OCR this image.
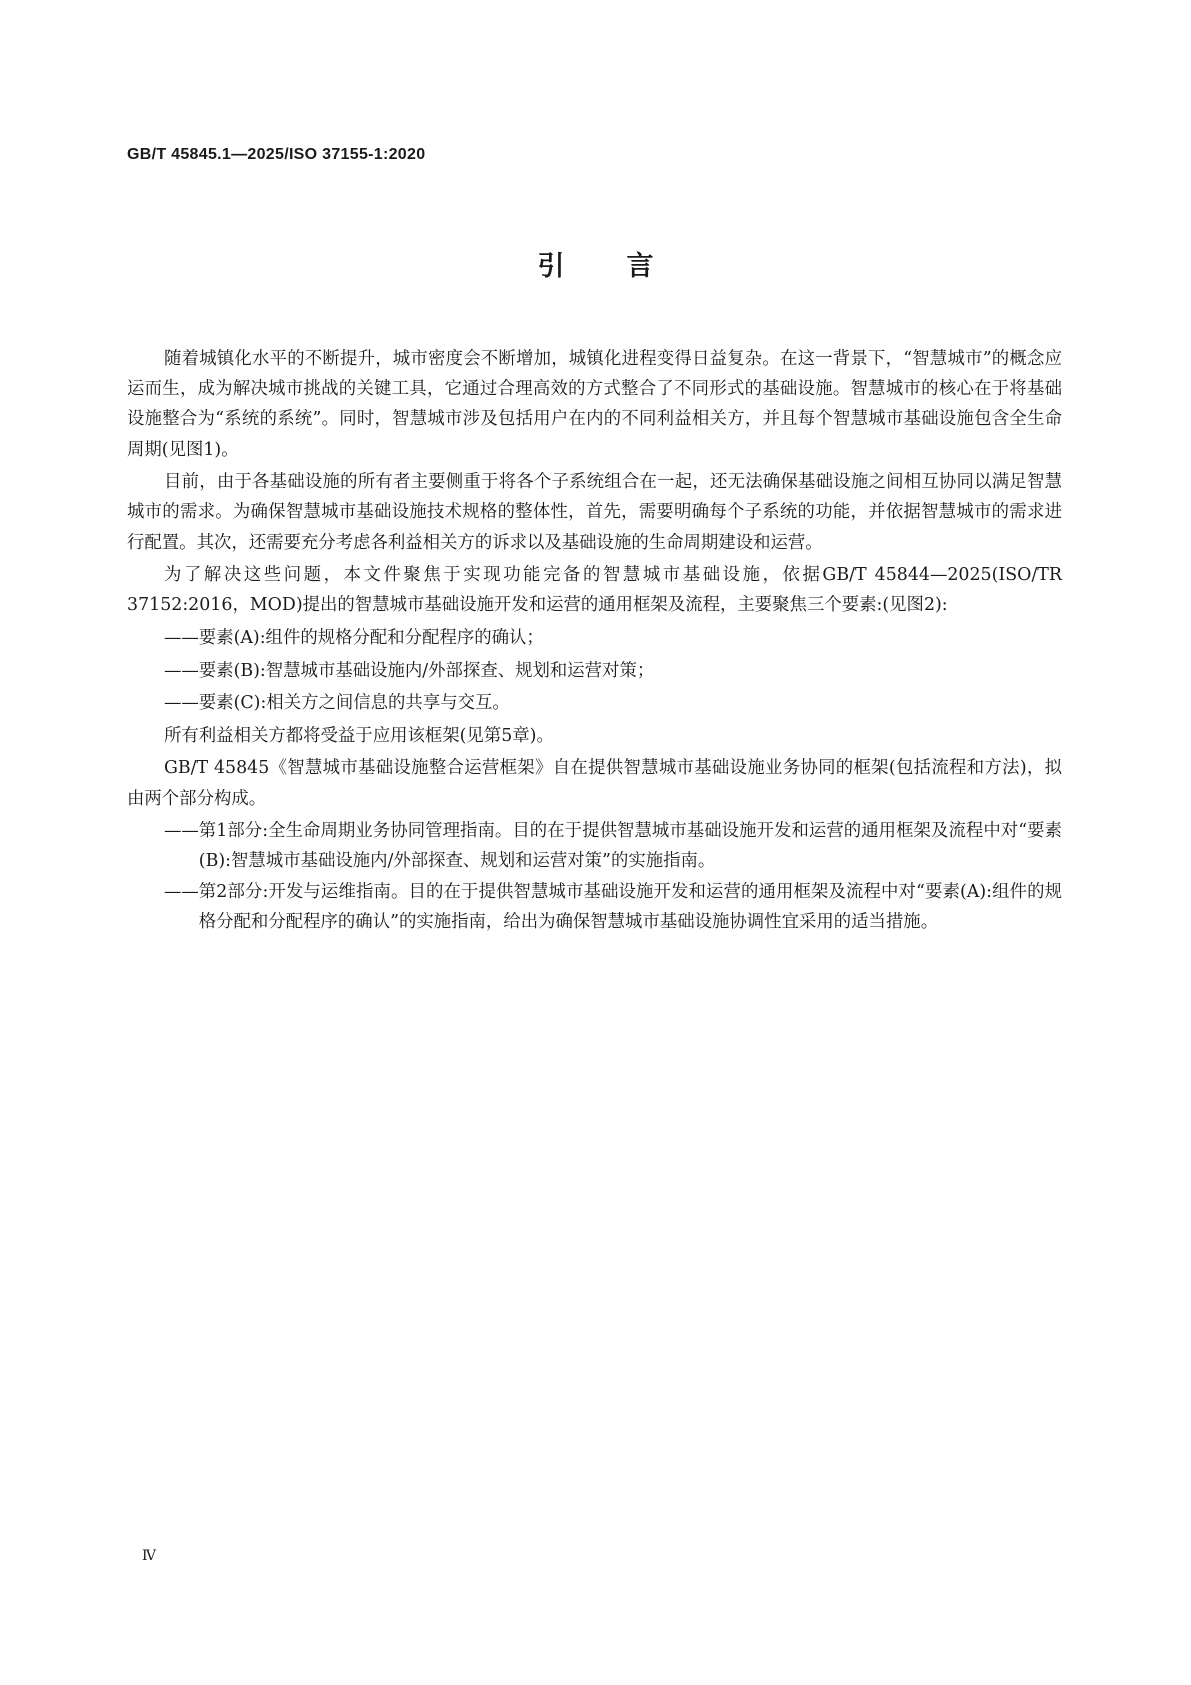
GB/T 45845.1—2025/ISO 37155-1:2020
引言

随着城镇化水平的不断提升，城市密度会不断增加，城镇化进程变得日益复杂。在这一背景下，“智慧城市”的概念应运而生，成为解决城市挑战的关键工具，它通过合理高效的方式整合了不同形式的基础设施。智慧城市的核心在于将基础设施整合为“系统的系统”。同时，智慧城市涉及包括用户在内的不同利益相关方，并且每个智慧城市基础设施包含全生命周期(见图1)。

目前，由于各基础设施的所有者主要侧重于将各个子系统组合在一起，还无法确保基础设施之间相互协同以满足智慧城市的需求。为确保智慧城市基础设施技术规格的整体性，首先，需要明确每个子系统的功能，并依据智慧城市的需求进行配置。其次，还需要充分考虑各利益相关方的诉求以及基础设施的生命周期建设和运营。

为了解决这些问题，本文件聚焦于实现功能完备的智慧城市基础设施，依据GB/T 45844—2025(ISO/TR 37152:2016，MOD)提出的智慧城市基础设施开发和运营的通用框架及流程，主要聚焦三个要素:(见图2):

——要素(A):组件的规格分配和分配程序的确认；

——要素(B):智慧城市基础设施内/外部探查、规划和运营对策；

——要素(C):相关方之间信息的共享与交互。

所有利益相关方都将受益于应用该框架(见第5章)。

GB/T 45845《智慧城市基础设施整合运营框架》自在提供智慧城市基础设施业务协同的框架(包括流程和方法)，拟由两个部分构成。

—— 第1部分:全生命周期业务协同管理指南。目的在于提供智慧城市基础设施开发和运营的通用框架及流程中对“要素(B):智慧城市基础设施内/外部探查、规划和运营对策”的实施指南。
—— 第2部分:开发与运维指南。目的在于提供智慧城市基础设施开发和运营的通用框架及流程中对“要素(A):组件的规格分配和分配程序的确认”的实施指南，给出为确保智慧城市基础设施协调性宜采用的适当措施。
Ⅳ
